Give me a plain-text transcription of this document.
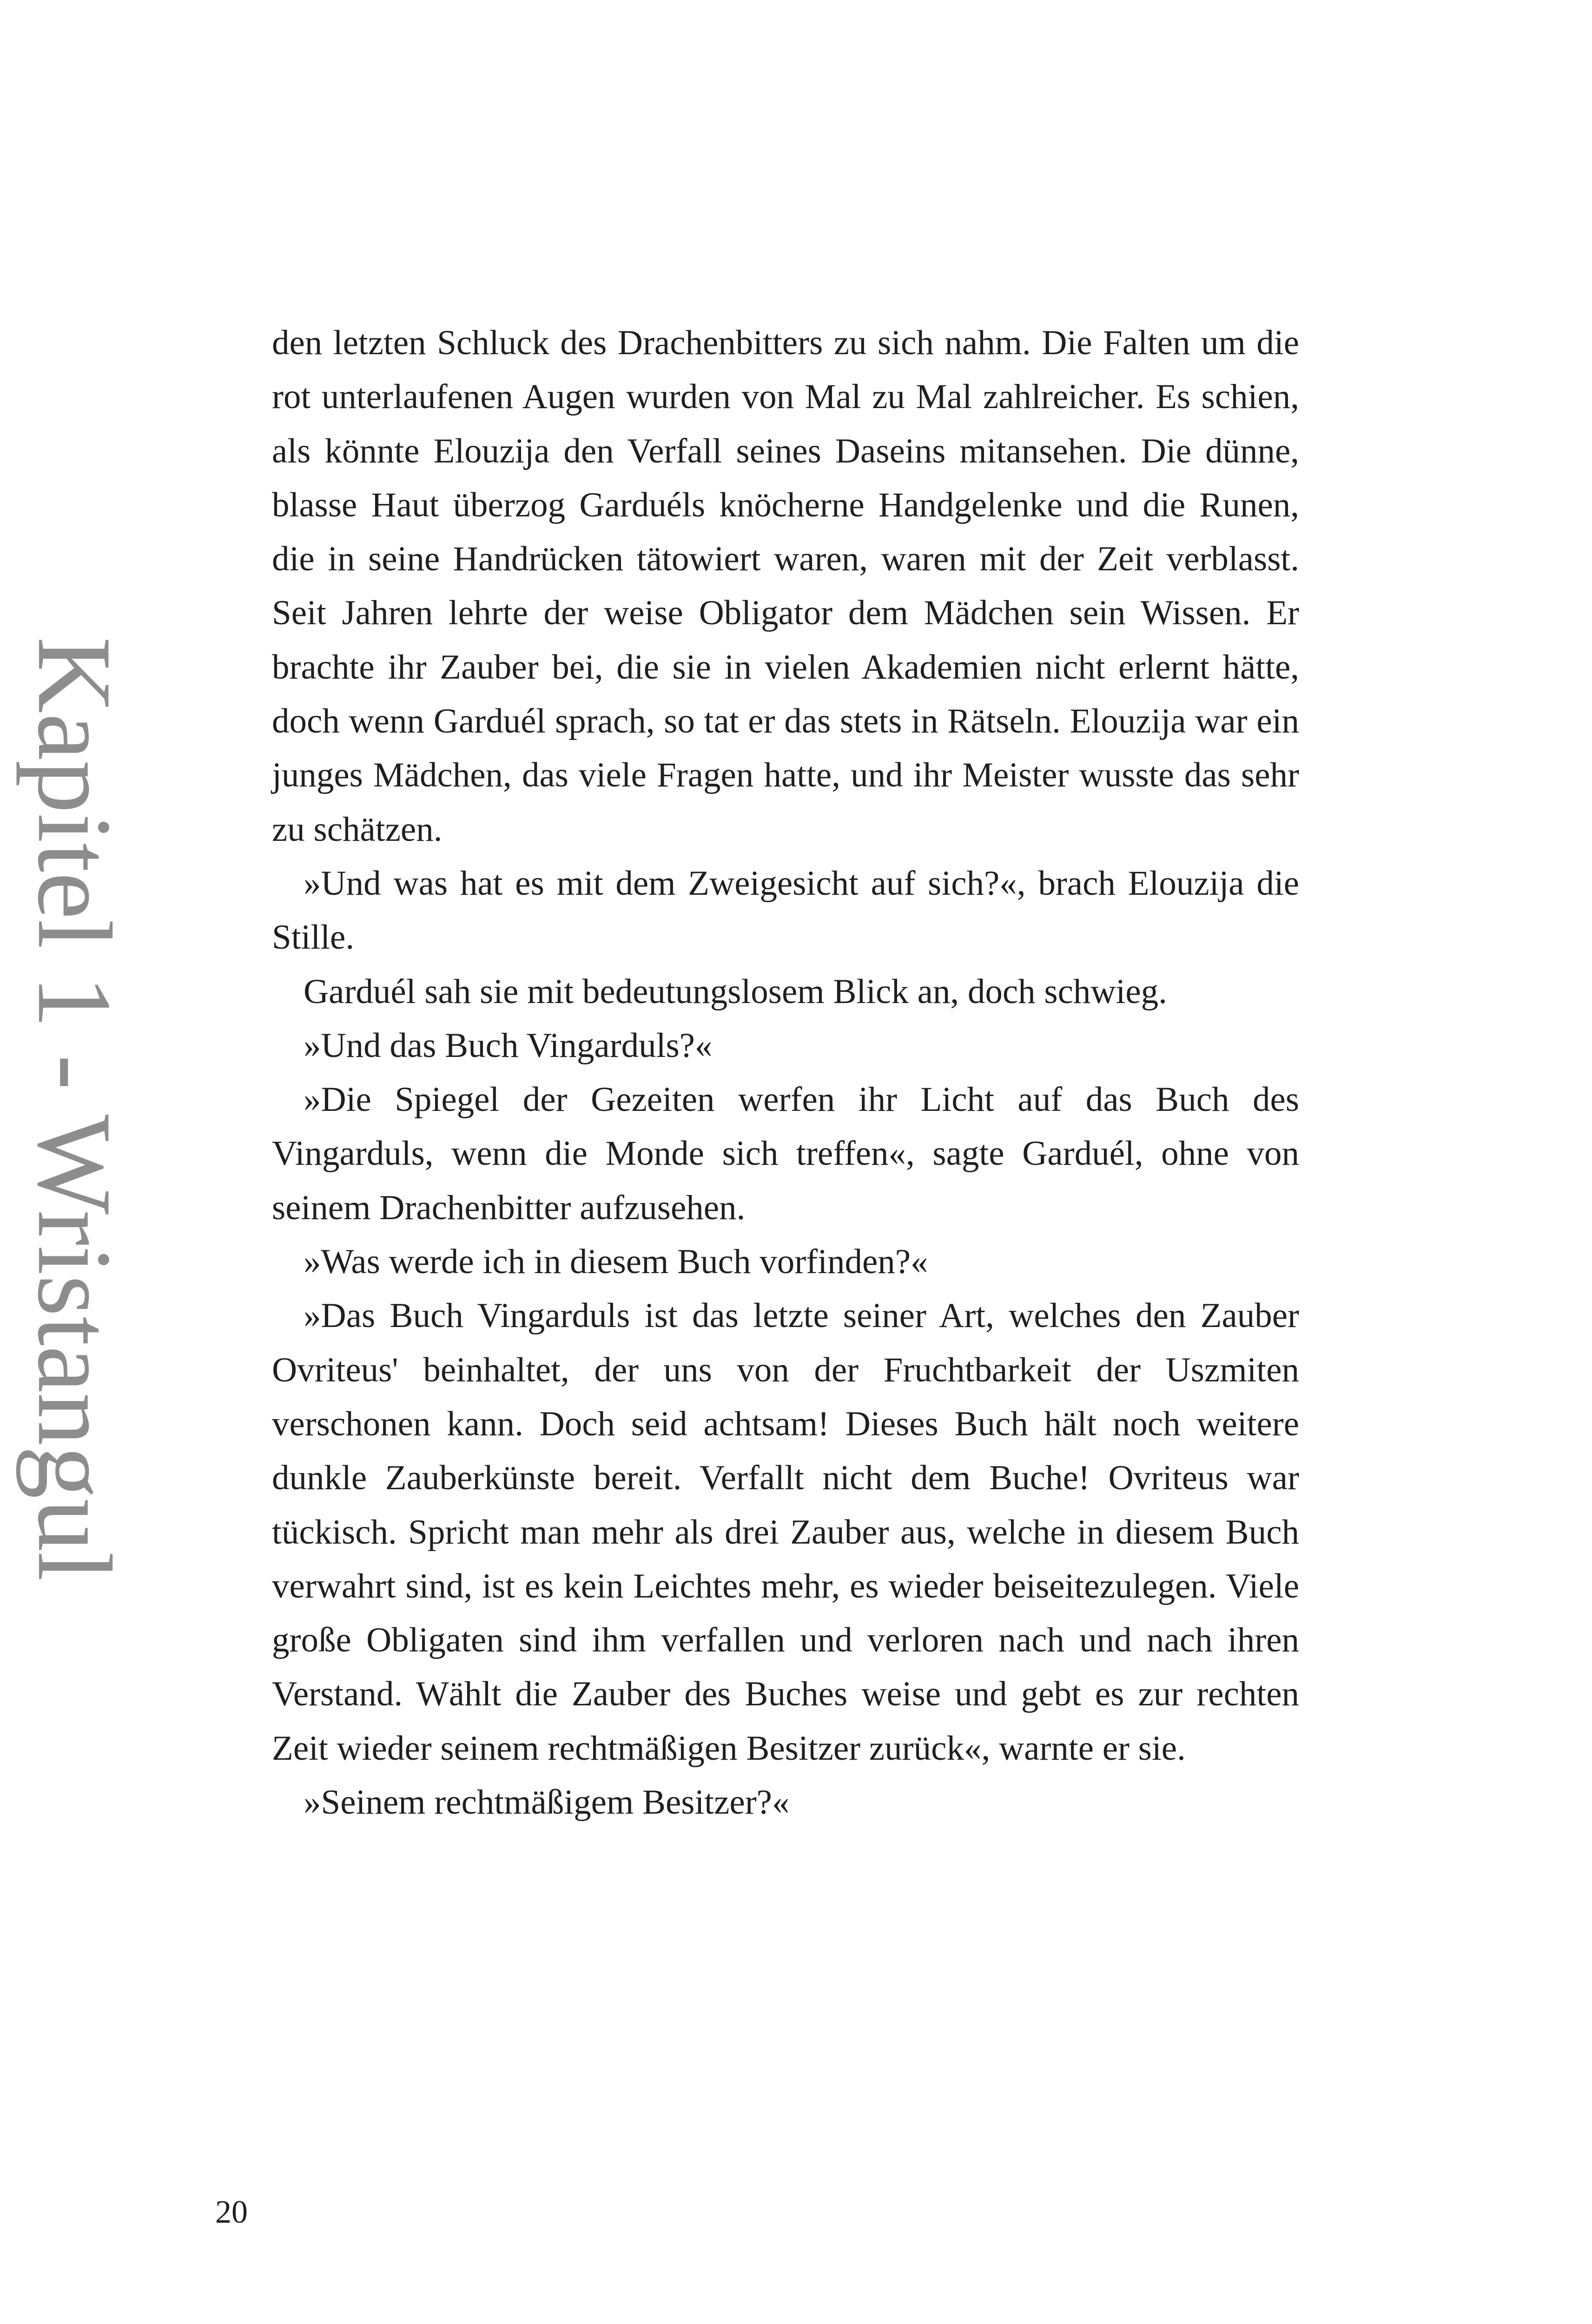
Kapitel 1 - Wristangul

den letzten Schluck des Drachenbitters zu sich nahm. Die Falten um die rot unterlaufenen Augen wurden von Mal zu Mal zahlreicher. Es schien, als könnte Elouzija den Verfall seines Daseins mitansehen. Die dünne, blasse Haut überzog Garduéls knöcherne Handgelenke und die Runen, die in seine Handrücken tätowiert waren, waren mit der Zeit verblasst. Seit Jahren lehrte der weise Obligator dem Mädchen sein Wissen. Er brachte ihr Zauber bei, die sie in vielen Akademien nicht erlernt hätte, doch wenn Garduél sprach, so tat er das stets in Rätseln. Elouzija war ein junges Mädchen, das viele Fragen hatte, und ihr Meister wusste das sehr zu schätzen.

»Und was hat es mit dem Zweigesicht auf sich?«, brach Elouzija die Stille.

Garduél sah sie mit bedeutungslosem Blick an, doch schwieg.

»Und das Buch Vingarduls?«

»Die Spiegel der Gezeiten werfen ihr Licht auf das Buch des Vingarduls, wenn die Monde sich treffen«, sagte Garduél, ohne von seinem Drachenbitter aufzusehen.

»Was werde ich in diesem Buch vorfinden?«

»Das Buch Vingarduls ist das letzte seiner Art, welches den Zauber Ovriteus' beinhaltet, der uns von der Fruchtbarkeit der Uszmiten verschonen kann. Doch seid achtsam! Dieses Buch hält noch weitere dunkle Zauberkünste bereit. Verfallt nicht dem Buche! Ovriteus war tückisch. Spricht man mehr als drei Zauber aus, welche in diesem Buch verwahrt sind, ist es kein Leichtes mehr, es wieder beiseitezulegen. Viele große Obligaten sind ihm verfallen und verloren nach und nach ihren Verstand. Wählt die Zauber des Buches weise und gebt es zur rechten Zeit wieder seinem rechtmäßigen Besitzer zurück«, warnte er sie.

»Seinem rechtmäßigem Besitzer?«

20
